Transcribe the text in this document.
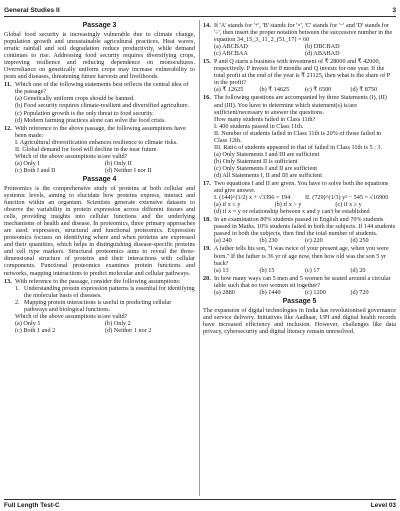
General Studies II	3
Passage 3
Global food security is increasingly vulnerable due to climate change, population growth and unsustainable agricultural practices. Heat waves, erratic rainfall and soil degradation reduce productivity, while demand continues to rise. Addressing food security requires diversifying crops, improving resilience and reducing dependence on monocultures. Overreliance on genetically uniform crops may increase vulnerability to pests and diseases, threatening future harvests and livelihoods.
11. Which one of the following statements best reflects the central idea of the passage?
(a) Genetically uniform crops should be banned.
(b) Food security requires climate-resilient and diversified agriculture.
(c) Population growth is the only threat to food security.
(d) Modern farming practices alone can solve the food crisis.
12. With reference to the above passage, the following assumptions have been made:
I. Agricultural diversification enhances resilience to climate risks.
II. Global demand for food will decline in the near future.
Which of the above assumptions is/are valid?
(a) Only I	(b) Only II
(c) Both I and II	(d) Neither I nor II
Passage 4
Proteomics is the comprehensive study of proteins at both cellular and systemic levels, aiming to elucidate how proteins express, interact and function within an organism. Scientists generate extensive datasets to observe the variability in protein expression across different tissues and cells, providing insights into cellular functions and the underlying mechanisms of health and disease. In proteomics, three primary approaches are used: expression, structural and functional proteomics. Expression proteomics focuses on identifying where and when proteins are expressed and their quantities, which helps in distinguishing disease-specific proteins and cell type markers. Structural proteomics aims to reveal the three-dimensional structure of proteins and their interactions with cellular components. Functional proteomics examines protein functions and networks, mapping interactions to predict molecular and cellular pathways.
13. With reference to the passage, consider the following assumptions:
1. Understanding protein expression patterns is essential for identifying the molecular basis of diseases.
2. Mapping protein interactions is useful in predicting cellular pathways and biological functions.
Which of the above assumptions is/are valid?
(a) Only 1	(b) Only 2
(c) Both 1 and 2	(d) Neither 1 nor 2
14. If 'A' stands for '+', 'B' stands for '×', 'C' stands for '−' and 'D' stands for '÷', then insert the proper notation between the successive number in the equation 34_15_3_11_2_(51_17) = 60
(a) ABCBAD	(b) DBCBAD
(c) ABCBAA	(d) ABABAD
15. P and Q starts a business with investment of ₹ 28000 and ₹ 42000, respectively. P invests for 8 months and Q invests for one year. If the total profit at the end of the year is ₹ 21125, then what is the share of P in the profit?
(a) ₹ 12625	(b) ₹ 14625	(c) ₹ 6500	(d) ₹ 8750
16. The following questions are accompanied by three Statements (I), (II) and (III). You have to determine which statement(s) is/are sufficient/necessary to answer the questions.
How many students failed in Class 11th?
I. 400 students passed in Class 11th.
II. Number of students failed in Class 11th is 20% of those failed in Class 12th.
III. Ratio of students appeared to that of failed in Class 11th is 5 : 3.
(a) Only Statements I and III are sufficient
(b) Only Statement II is sufficient
(c) Only Statements I and II are sufficient
(d) All Statements I, II and III are sufficient
17. Two equations I and II are given. You have to solve both the equations and give answer.
I. (144)^(1/2) x + √3396 = 194	II. (729)^(1/3) y² − 545 = √16900
(a) if x ≤ y	(b) if x > y	(c) if x ≥ y
(d) if x = y or relationship between x and y can't be established
18. In an examination 80% students passed in English and 70% students passed in Maths. 10% students failed in both the subjects. If 144 students passed in both the subjects, then find the total number of students.
(a) 240	(b) 230	(c) 220	(d) 250
19. A father tells his son, "I was twice of your present age, when you were born." If the father is 36 yr of age now, then how old was the son 5 yr back?
(a) 13	(b) 15	(c) 17	(d) 20
20. In how many ways can 5 men and 5 women be seated around a circular table such that no two women sit together?
(a) 2880	(b) 1440	(c) 1200	(d) 720
Passage 5
The expansion of digital technologies in India has revolutionised governance and service delivery. Initiatives like Aadhaar, UPI and digital health records have increased efficiency and inclusion. However, challenges like data privacy, cybersecurity and digital literacy remain unresolved.
Full Length Test-C	Level 03
